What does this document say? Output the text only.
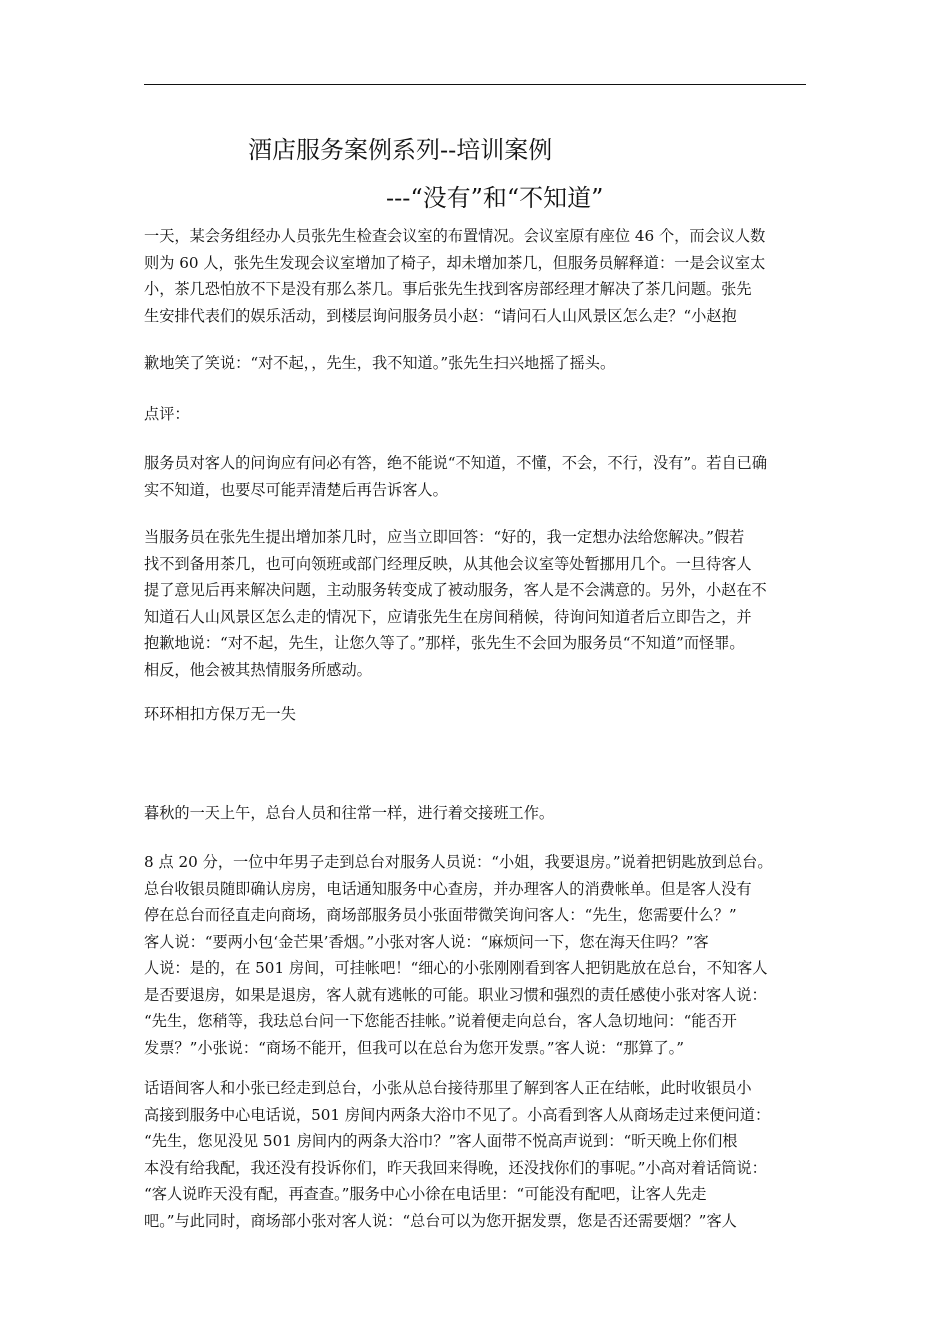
酒店服务案例系列--培训案例
---“没有”和“不知道”
一天，某会务组经办人员张先生检查会议室的布置情况。会议室原有座位 46 个，而会议人数
则为 60 人，张先生发现会议室增加了椅子，却未增加茶几，但服务员解释道：一是会议室太
小，茶几恐怕放不下是没有那么茶几。事后张先生找到客房部经理才解决了茶几问题。张先
生安排代表们的娱乐活动，到楼层询问服务员小赵：“请问石人山风景区怎么走？“小赵抱
歉地笑了笑说：“对不起，，先生，我不知道。”张先生扫兴地摇了摇头。
点评：
服务员对客人的问询应有问必有答，绝不能说“不知道，不懂，不会，不行，没有”。若自已确
实不知道，也要尽可能弄清楚后再告诉客人。
当服务员在张先生提出增加茶几时，应当立即回答：“好的，我一定想办法给您解决。”假若
找不到备用茶几，也可向领班或部门经理反映，从其他会议室等处暂挪用几个。一旦待客人
提了意见后再来解决问题，主动服务转变成了被动服务，客人是不会满意的。另外，小赵在不
知道石人山风景区怎么走的情况下，应请张先生在房间稍候，待询问知道者后立即告之，并
抱歉地说：“对不起，先生，让您久等了。”那样，张先生不会回为服务员“不知道”而怪罪。
相反，他会被其热情服务所感动。
环环相扣方保万无一失
暮秋的一天上午，总台人员和往常一样，进行着交接班工作。
8 点 20 分，一位中年男子走到总台对服务人员说：“小姐，我要退房。”说着把钥匙放到总台。
总台收银员随即确认房房，电话通知服务中心查房，并办理客人的消费帐单。但是客人没有
停在总台而径直走向商场，商场部服务员小张面带微笑询问客人：“先生，您需要什么？”
客人说：“要两小包‘金芒果’香烟。”小张对客人说：“麻烦问一下，您在海天住吗？”客
人说：是的，在 501 房间，可挂帐吧！“细心的小张刚刚看到客人把钥匙放在总台，不知客人
是否要退房，如果是退房，客人就有逃帐的可能。职业习惯和强烈的责任感使小张对客人说：
“先生，您稍等，我珐总台问一下您能否挂帐。”说着便走向总台，客人急切地问：“能否开
发票？”小张说：“商场不能开，但我可以在总台为您开发票。”客人说：“那算了。”
话语间客人和小张已经走到总台，小张从总台接待那里了解到客人正在结帐，此时收银员小
高接到服务中心电话说，501 房间内两条大浴巾不见了。小高看到客人从商场走过来便问道：
“先生，您见没见 501 房间内的两条大浴巾？”客人面带不悦高声说到：“昕天晚上你们根
本没有给我配，我还没有投诉你们，昨天我回来得晚，还没找你们的事呢。”小高对着话筒说：
“客人说昨天没有配，再查查。”服务中心小徐在电话里：“可能没有配吧，让客人先走
吧。”与此同时，商场部小张对客人说：“总台可以为您开据发票，您是否还需要烟？”客人
